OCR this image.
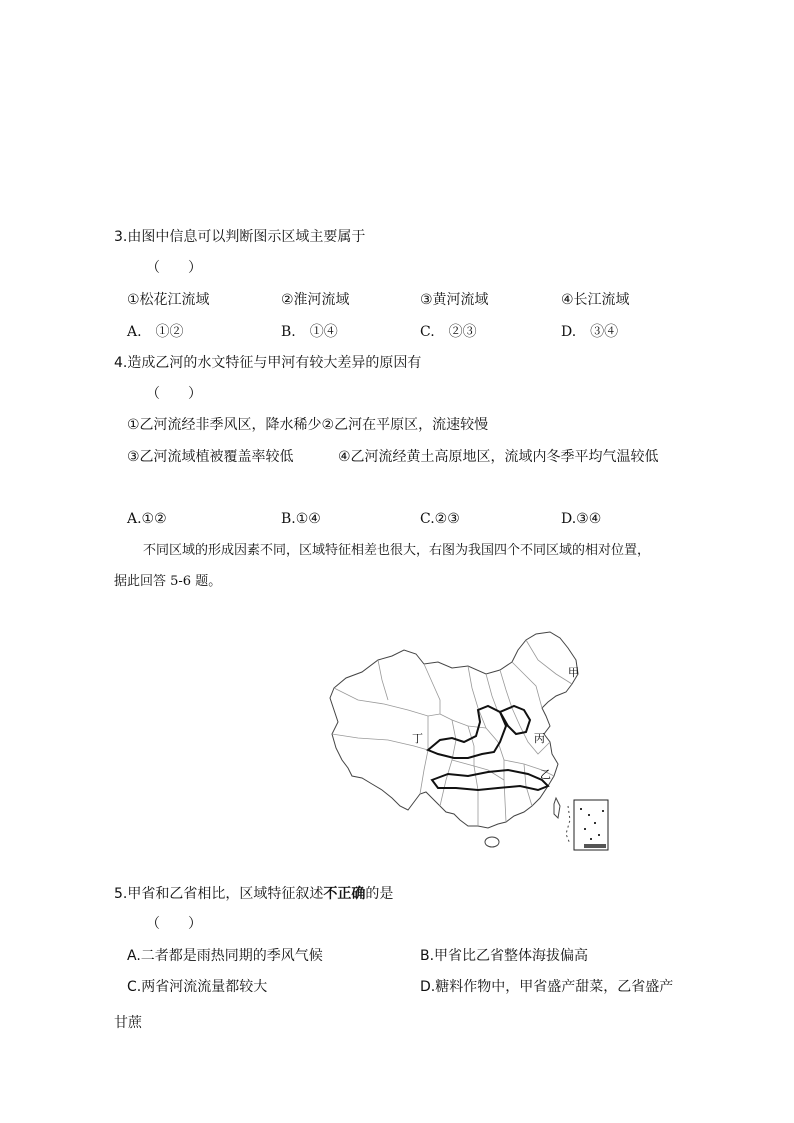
3.由图中信息可以判断图示区域主要属于
（　　）
①松花江流域	②淮河流域	③黄河流域	④长江流域
A.　①②	B.　①④	C.　②③	D.　③④
4.造成乙河的水文特征与甲河有较大差异的原因有
（　　）
①乙河流经非季风区，降水稀少②乙河在平原区，流速较慢
③乙河流域植被覆盖率较低	④乙河流经黄土高原地区，流域内冬季平均气温较低
A.①②	B.①④	C.②③	D.③④
不同区域的形成因素不同，区域特征相差也很大，右图为我国四个不同区域的相对位置，
据此回答 5-6 题。
甲
丁	丙
乙
5.甲省和乙省相比，区域特征叙述不正确的是
（　　）
A.二者都是雨热同期的季风气候	B.甲省比乙省整体海拔偏高
C.两省河流流量都较大	D.糖料作物中，甲省盛产甜菜，乙省盛产
甘蔗
